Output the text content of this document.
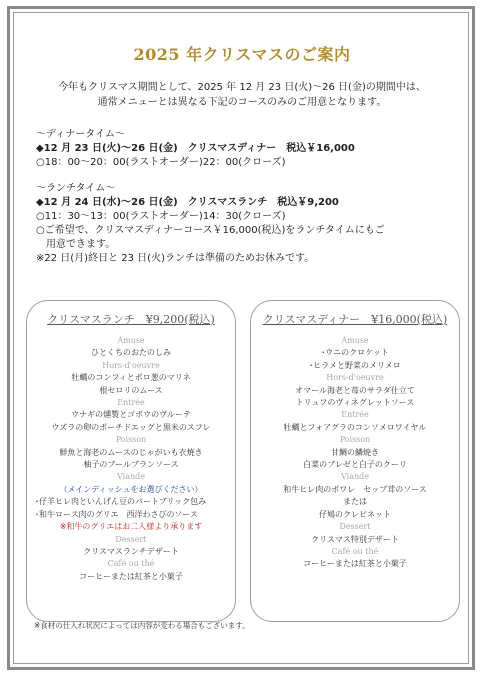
2025 年クリスマスのご案内
今年もクリスマス期間として、2025 年 12 月 23 日(火)〜26 日(金)の期間中は、
通常メニューとは異なる下記のコースのみのご用意となります。
〜ディナータイム〜
◆12 月 23 日(火)〜26 日(金)　クリスマスディナー　税込￥16,000
○18：00〜20：00(ラストオーダー)22：00(クローズ)
〜ランチタイム〜
◆12 月 24 日(水)〜26 日(金)　クリスマスランチ　税込￥9,200
○11：30〜13：00(ラストオーダー)14：30(クローズ)
○ご希望で、クリスマスディナーコース￥16,000(税込)をランチタイムにもご
用意できます。
※22 日(月)終日と 23 日(火)ランチは準備のためお休みです。
クリスマスランチ　¥9,200(税込)
Amuse
ひとくちのおたのしみ
Hors-d'oeuvre
牡蠣のコンフィとポロ葱のマリネ
根セロリのムース
Entrée
ウナギの燻製とゴボウのヴルーテ
ウズラの卵のポーチドエッグと黒米のスフレ
Poisson
鮮魚と海老のムースのじゃがいも衣焼き
柚子のブールブランソース
Viande
（メインディッシュをお選びください）
･仔羊ヒレ肉といんげん豆のパートブリック包み
･和牛ロース肉のグリエ　西洋わさびのソース
※和牛のグリエはお二人様より承ります
Dessert
クリスマスランチデザート
Café ou thé
コーヒーまたは紅茶と小菓子
クリスマスディナー　¥16,000(税込)
Amuse
･ウニのクロケット
･ヒラメと野菜のメリメロ
Hors-d'oeuvre
オマール海老と苺のサラダ仕立て
トリュフのヴィネグレットソース
Entrée
牡蠣とフォアグラのコンソメロワイヤル
Poisson
甘鯛の鱗焼き
白菜のブレゼと白子のクーリ
Viande
和牛ヒレ肉のポワレ　セップ茸のソース
または
仔鳩のクレピネット
Dessert
クリスマス特別デザート
Café ou thé
コーヒーまたは紅茶と小菓子
※食材の仕入れ状況によっては内容が変わる場合もございます。
